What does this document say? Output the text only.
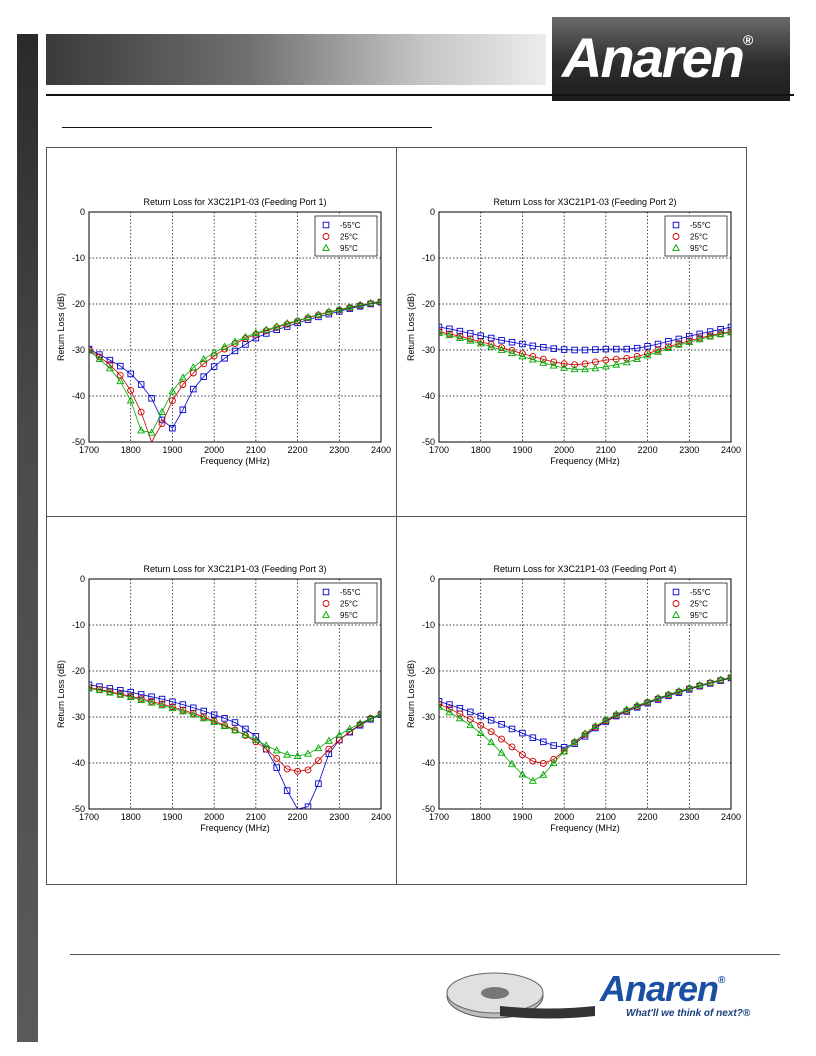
Anaren®
Return Loss for X3C21P1-03 (Feeding Port 1)
1700 1800 1900 2000 2100 2200 2300 2400
0
-10
-20
-30
-40
-50
Frequency (MHz)
Return Loss (dB)
-55°C
25°C
95°C
Return Loss for X3C21P1-03 (Feeding Port 2)
1700 1800 1900 2000 2100 2200 2300 2400
0
-10
-20
-30
-40
-50
Frequency (MHz)
Return Loss (dB)
-55°C
25°C
95°C
Return Loss for X3C21P1-03 (Feeding Port 3)
1700 1800 1900 2000 2100 2200 2300 2400
0
-10
-20
-30
-40
-50
Frequency (MHz)
Return Loss (dB)
-55°C
25°C
95°C
Return Loss for X3C21P1-03 (Feeding Port 4)
1700 1800 1900 2000 2100 2200 2300 2400
0
-10
-20
-30
-40
-50
Frequency (MHz)
Return Loss (dB)
-55°C
25°C
95°C
Anaren®
What'll we think of next?®
